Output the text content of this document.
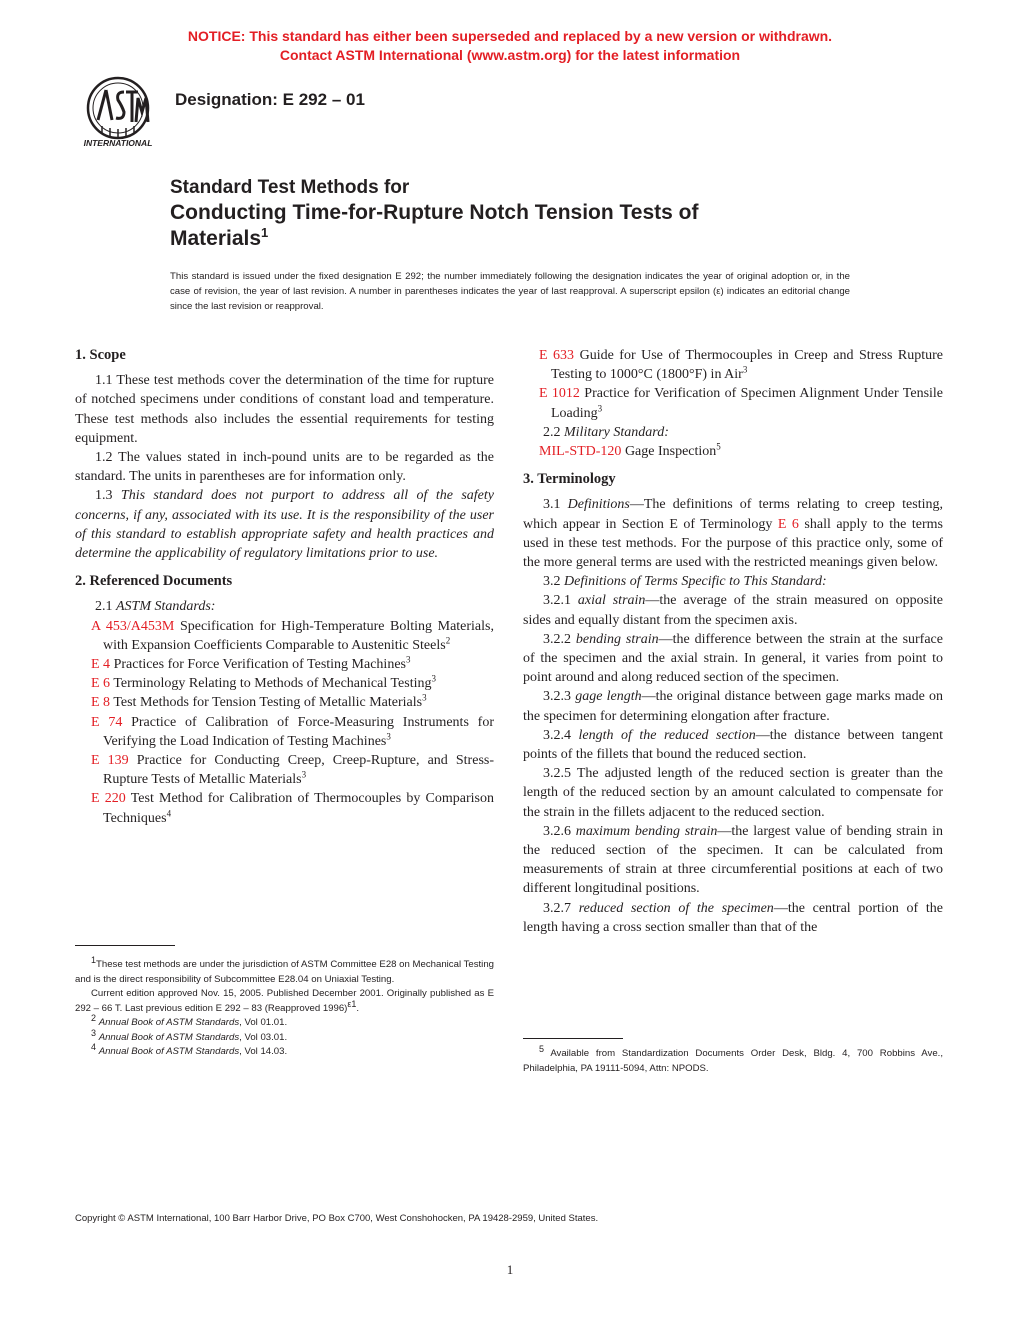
NOTICE: This standard has either been superseded and replaced by a new version or withdrawn.
Contact ASTM International (www.astm.org) for the latest information
INTERNATIONAL
Designation: E 292 – 01
Standard Test Methods for
Conducting Time-for-Rupture Notch Tension Tests of
Materials$^1$
This standard is issued under the fixed designation E 292; the number immediately following the designation indicates the year of original adoption or, in the case of revision, the year of last revision. A number in parentheses indicates the year of last reapproval. A superscript epsilon (ε) indicates an editorial change since the last revision or reapproval.
1. Scope

1.1 These test methods cover the determination of the time for rupture of notched specimens under conditions of constant load and temperature. These test methods also includes the essential requirements for testing equipment.

1.2 The values stated in inch-pound units are to be regarded as the standard. The units in parentheses are for information only.

1.3 This standard does not purport to address all of the safety concerns, if any, associated with its use. It is the responsibility of the user of this standard to establish appropriate safety and health practices and determine the applicability of regulatory limitations prior to use.

2. Referenced Documents

2.1 ASTM Standards:

A 453/A453M Specification for High-Temperature Bolting Materials, with Expansion Coefficients Comparable to Austenitic Steels$^2$

E 4 Practices for Force Verification of Testing Machines$^3$

E 6 Terminology Relating to Methods of Mechanical Testing$^3$

E 8 Test Methods for Tension Testing of Metallic Materials$^3$

E 74 Practice of Calibration of Force-Measuring Instruments for Verifying the Load Indication of Testing Machines$^3$

E 139 Practice for Conducting Creep, Creep-Rupture, and Stress-Rupture Tests of Metallic Materials$^3$

E 220 Test Method for Calibration of Thermocouples by Comparison Techniques$^4$

$^1$These test methods are under the jurisdiction of ASTM Committee E28 on Mechanical Testing and is the direct responsibility of Subcommittee E28.04 on Uniaxial Testing.

Current edition approved Nov. 15, 2005. Published December 2001. Originally published as E 292 – 66 T. Last previous edition E 292 – 83 (Reapproved 1996)$^{\varepsilon 1}$.

$^2$ Annual Book of ASTM Standards, Vol 01.01.

$^3$ Annual Book of ASTM Standards, Vol 03.01.

$^4$ Annual Book of ASTM Standards, Vol 14.03.

E 633 Guide for Use of Thermocouples in Creep and Stress Rupture Testing to 1000°C (1800°F) in Air$^3$

E 1012 Practice for Verification of Specimen Alignment Under Tensile Loading$^3$

2.2 Military Standard:

MIL-STD-120 Gage Inspection$^5$

3. Terminology

3.1 Definitions—The definitions of terms relating to creep testing, which appear in Section E of Terminology E 6 shall apply to the terms used in these test methods. For the purpose of this practice only, some of the more general terms are used with the restricted meanings given below.

3.2 Definitions of Terms Specific to This Standard:

3.2.1 axial strain—the average of the strain measured on opposite sides and equally distant from the specimen axis.

3.2.2 bending strain—the difference between the strain at the surface of the specimen and the axial strain. In general, it varies from point to point around and along reduced section of the specimen.

3.2.3 gage length—the original distance between gage marks made on the specimen for determining elongation after fracture.

3.2.4 length of the reduced section—the distance between tangent points of the fillets that bound the reduced section.

3.2.5 The adjusted length of the reduced section is greater than the length of the reduced section by an amount calculated to compensate for the strain in the fillets adjacent to the reduced section.

3.2.6 maximum bending strain—the largest value of bending strain in the reduced section of the specimen. It can be calculated from measurements of strain at three circumferential positions at each of two different longitudinal positions.

3.2.7 reduced section of the specimen—the central portion of the length having a cross section smaller than that of the

$^5$ Available from Standardization Documents Order Desk, Bldg. 4, 700 Robbins Ave., Philadelphia, PA 19111-5094, Attn: NPODS.

Copyright © ASTM International, 100 Barr Harbor Drive, PO Box C700, West Conshohocken, PA 19428-2959, United States.
1
